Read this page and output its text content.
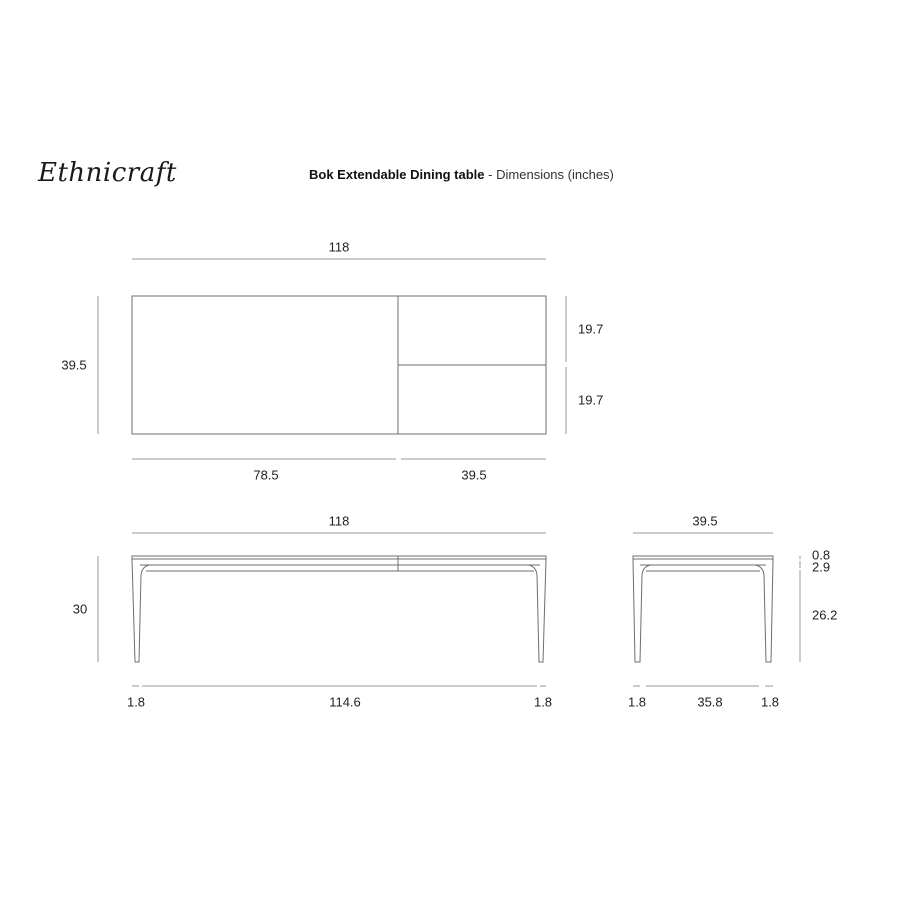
Ethnicraft	Bok Extendable Dining table - Dimensions (inches)
118
39.5
19.7
19.7
78.5	39.5
118
30
1.8	114.6	1.8
39.5
0.8
2.9
26.2
1.8	35.8	1.8
